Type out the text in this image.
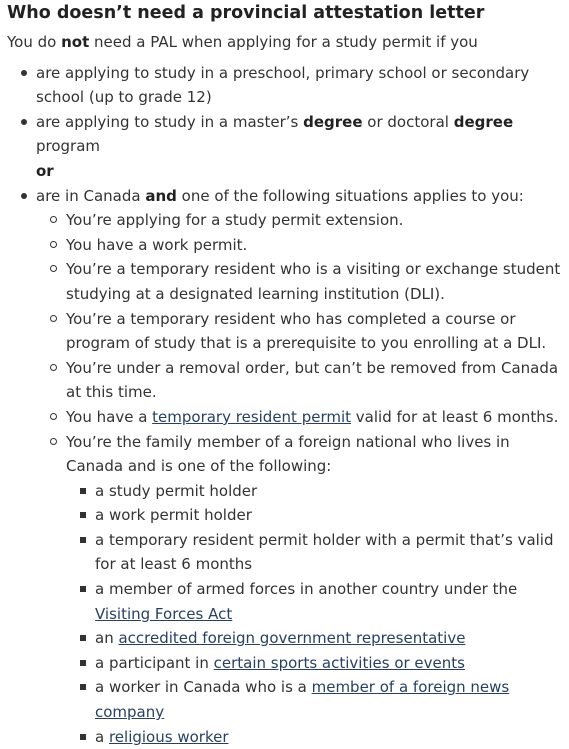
Who doesn’t need a provincial attestation letter

You do not need a PAL when applying for a study permit if you

are applying to study in a preschool, primary school or secondary school (up to grade 12)
are applying to study in a master’s degree or doctoral degree program
or
are in Canada and one of the following situations applies to you:
You’re applying for a study permit extension.
You have a work permit.
You’re a temporary resident who is a visiting or exchange student studying at a designated learning institution (DLI).
You’re a temporary resident who has completed a course or program of study that is a prerequisite to you enrolling at a DLI.
You’re under a removal order, but can’t be removed from Canada at this time.
You have a temporary resident permit valid for at least 6 months.
You’re the family member of a foreign national who lives in Canada and is one of the following:
a study permit holder
a work permit holder
a temporary resident permit holder with a permit that’s valid for at least 6 months
a member of armed forces in another country under the Visiting Forces Act
an accredited foreign government representative
a participant in certain sports activities or events
a worker in Canada who is a member of a foreign news company
a religious worker
